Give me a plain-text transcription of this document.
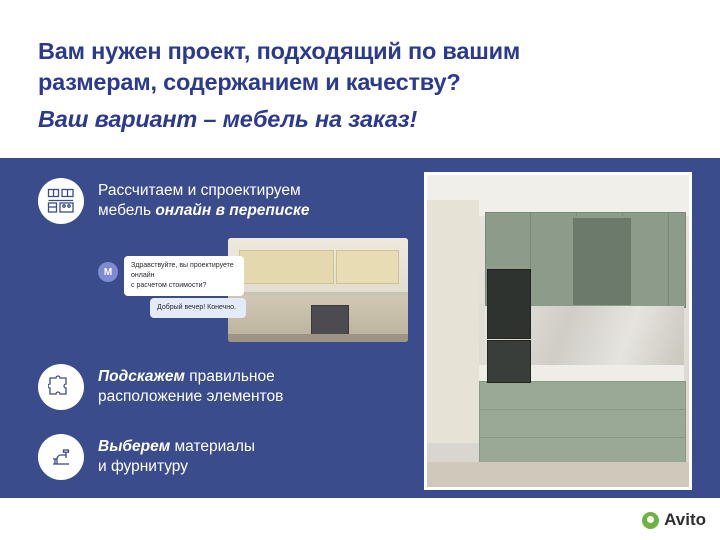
Вам нужен проект, подходящий по вашим
размерам, содержанием и качеству?
Ваш вариант – мебель на заказ!
Рассчитаем и спроектируем
мебель онлайн в переписке
M
Здравствуйте, вы проектируете онлайн
с расчетом стоимости?
Добрый вечер! Конечно.
Подскажем правильное
расположение элементов
Выберем материалы
и фурнитуру
Avito
